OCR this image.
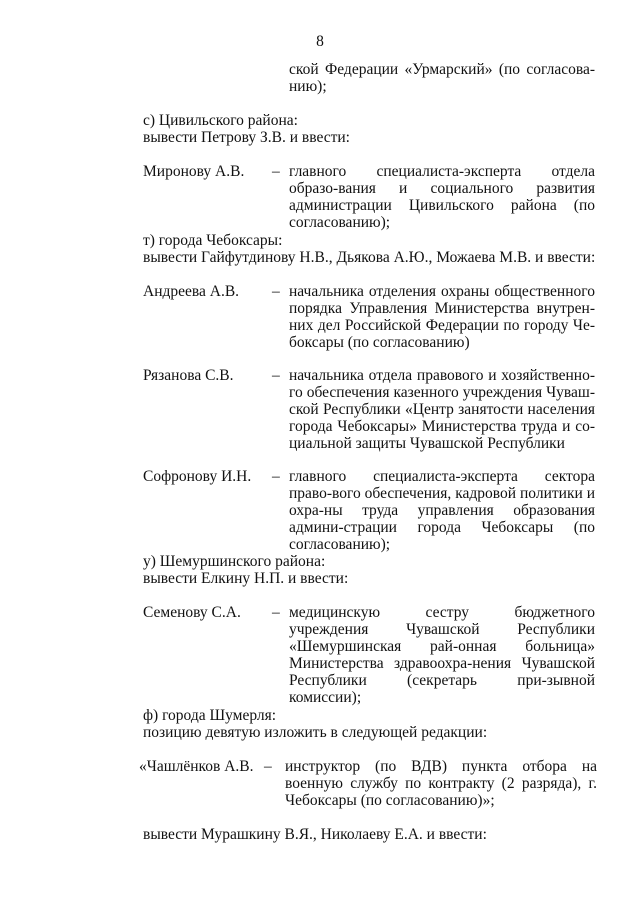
8
ской Федерации «Урмарский» (по согласова-нию);
с) Цивильского района:
вывести Петрову З.В. и ввести:
Миронову А.В. – главного специалиста-эксперта отдела образо-вания и социального развития администрации Цивильского района (по согласованию);
т) города Чебоксары:
вывести Гайфутдинову Н.В., Дьякова А.Ю., Можаева М.В. и ввести:
Андреева А.В. – начальника отделения охраны общественного порядка Управления Министерства внутрен-них дел Российской Федерации по городу Че-боксары (по согласованию)
Рязанова С.В. – начальника отдела правового и хозяйственно-го обеспечения казенного учреждения Чуваш-ской Республики «Центр занятости населения города Чебоксары» Министерства труда и со-циальной защиты Чувашской Республики
Софронову И.Н. – главного специалиста-эксперта сектора право-вого обеспечения, кадровой политики и охра-ны труда управления образования админи-страции города Чебоксары (по согласованию);
у) Шемуршинского района:
вывести Елкину Н.П. и ввести:
Семенову С.А. – медицинскую сестру бюджетного учреждения Чувашской Республики «Шемуршинская рай-онная больница» Министерства здравоохра-нения Чувашской Республики (секретарь при-зывной комиссии);
ф) города Шумерля:
позицию девятую изложить в следующей редакции:
«Чашлёнков А.В. – инструктор (по ВДВ) пункта отбора на военную службу по контракту (2 разряда), г. Чебоксары (по согласованию)»;
вывести Мурашкину В.Я., Николаеву Е.А. и ввести:
